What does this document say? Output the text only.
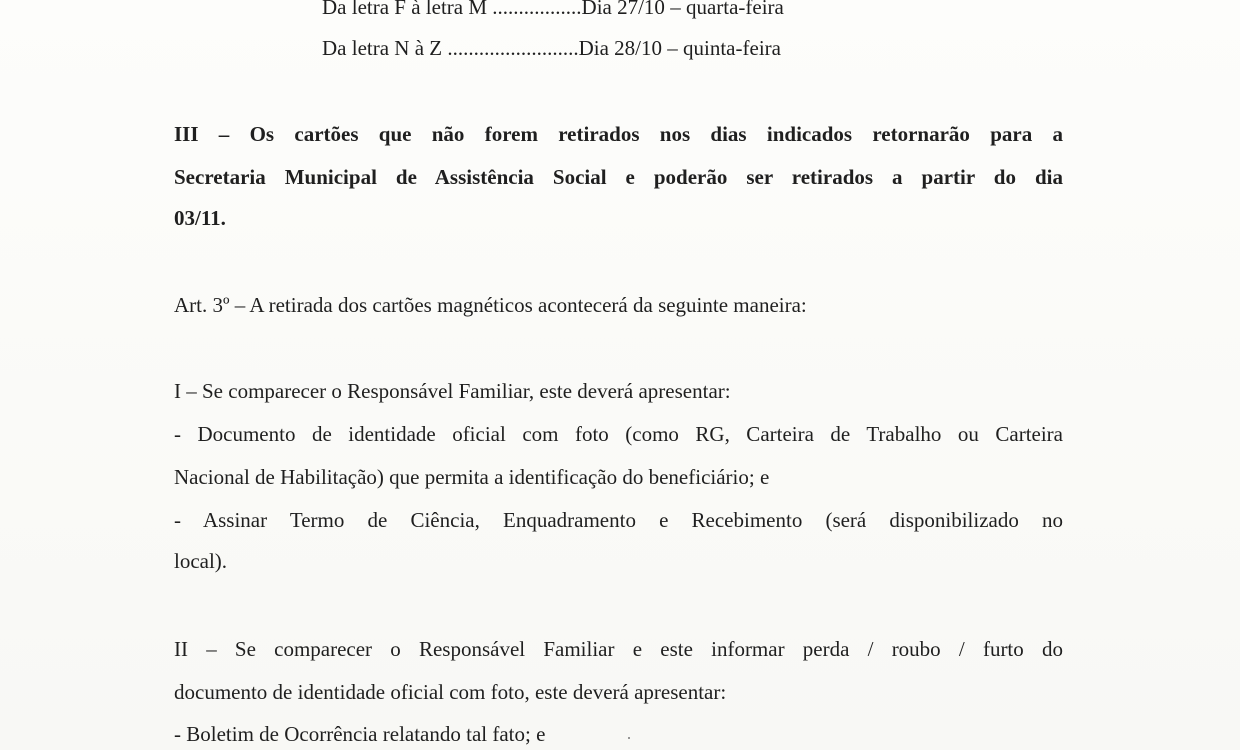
Da letra F à letra M .................Dia 27/10 – quarta-feira
Da letra N à Z .........................Dia 28/10 – quinta-feira
III – Os cartões que não forem retirados nos dias indicados retornarão para a
Secretaria Municipal de Assistência Social e poderão ser retirados a partir do dia
03/11.
Art. 3º – A retirada dos cartões magnéticos acontecerá da seguinte maneira:
I – Se comparecer o Responsável Familiar, este deverá apresentar:
- Documento de identidade oficial com foto (como RG, Carteira de Trabalho ou Carteira
Nacional de Habilitação) que permita a identificação do beneficiário; e
- Assinar Termo de Ciência, Enquadramento e Recebimento (será disponibilizado no
local).
II – Se comparecer o Responsável Familiar e este informar perda / roubo / furto do
documento de identidade oficial com foto, este deverá apresentar:
- Boletim de Ocorrência relatando tal fato; e
